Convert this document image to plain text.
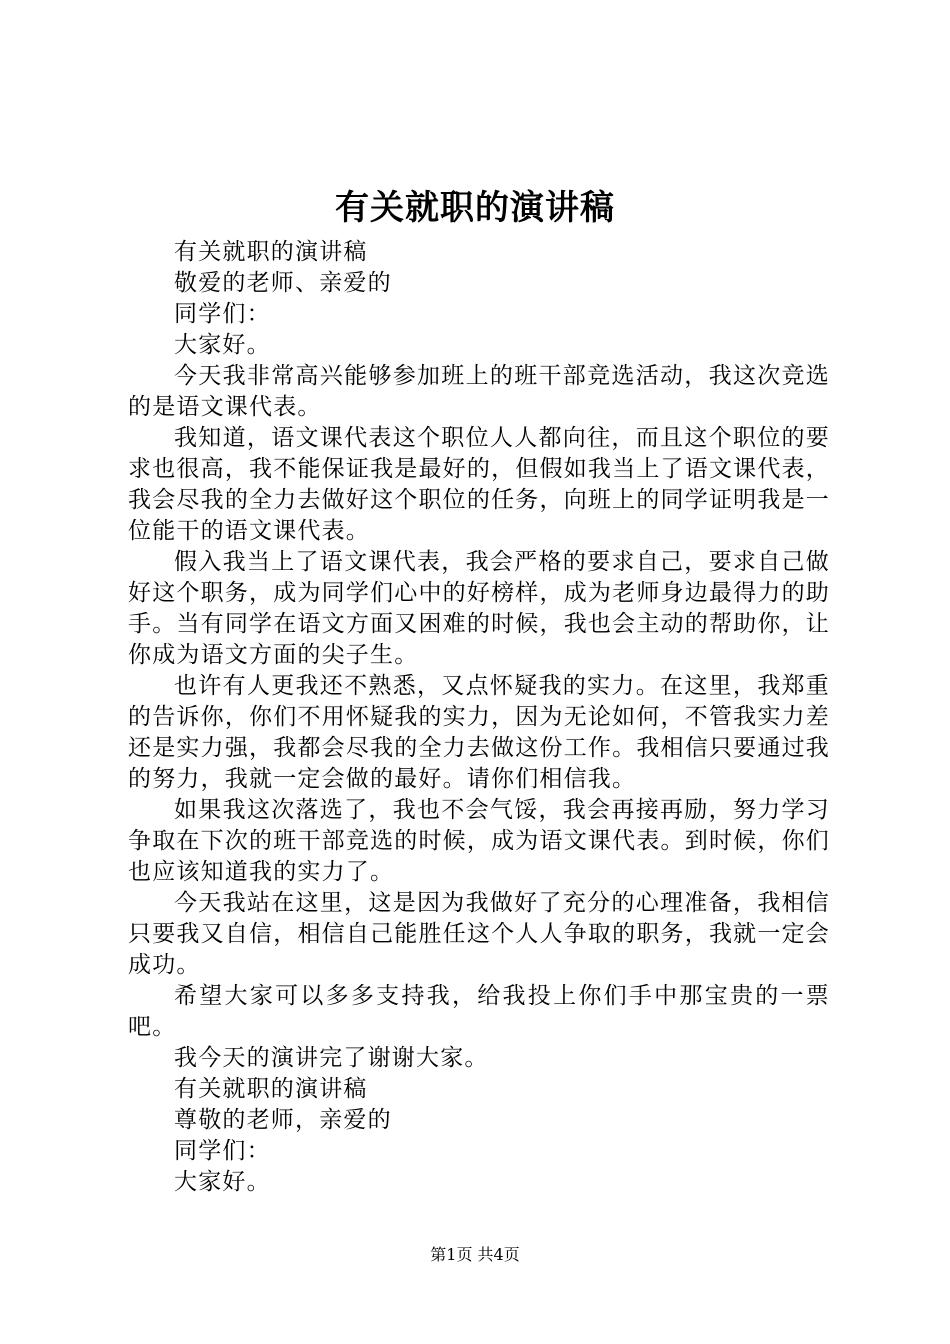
有关就职的演讲稿

有关就职的演讲稿

敬爱的老师、亲爱的

同学们：

大家好。

今天我非常高兴能够参加班上的班干部竞选活动，我这次竞选的是语文课代表。

我知道，语文课代表这个职位人人都向往，而且这个职位的要求也很高，我不能保证我是最好的，但假如我当上了语文课代表，我会尽我的全力去做好这个职位的任务，向班上的同学证明我是一位能干的语文课代表。

假入我当上了语文课代表，我会严格的要求自己，要求自己做好这个职务，成为同学们心中的好榜样，成为老师身边最得力的助手。当有同学在语文方面又困难的时候，我也会主动的帮助你，让你成为语文方面的尖子生。

也许有人更我还不熟悉，又点怀疑我的实力。在这里，我郑重的告诉你，你们不用怀疑我的实力，因为无论如何，不管我实力差还是实力强，我都会尽我的全力去做这份工作。我相信只要通过我的努力，我就一定会做的最好。请你们相信我。

如果我这次落选了，我也不会气馁，我会再接再励，努力学习争取在下次的班干部竞选的时候，成为语文课代表。到时候，你们也应该知道我的实力了。

今天我站在这里，这是因为我做好了充分的心理准备，我相信只要我又自信，相信自己能胜任这个人人争取的职务，我就一定会成功。

希望大家可以多多支持我，给我投上你们手中那宝贵的一票吧。

我今天的演讲完了谢谢大家。

有关就职的演讲稿

尊敬的老师，亲爱的

同学们：

大家好。

第1页 共4页
